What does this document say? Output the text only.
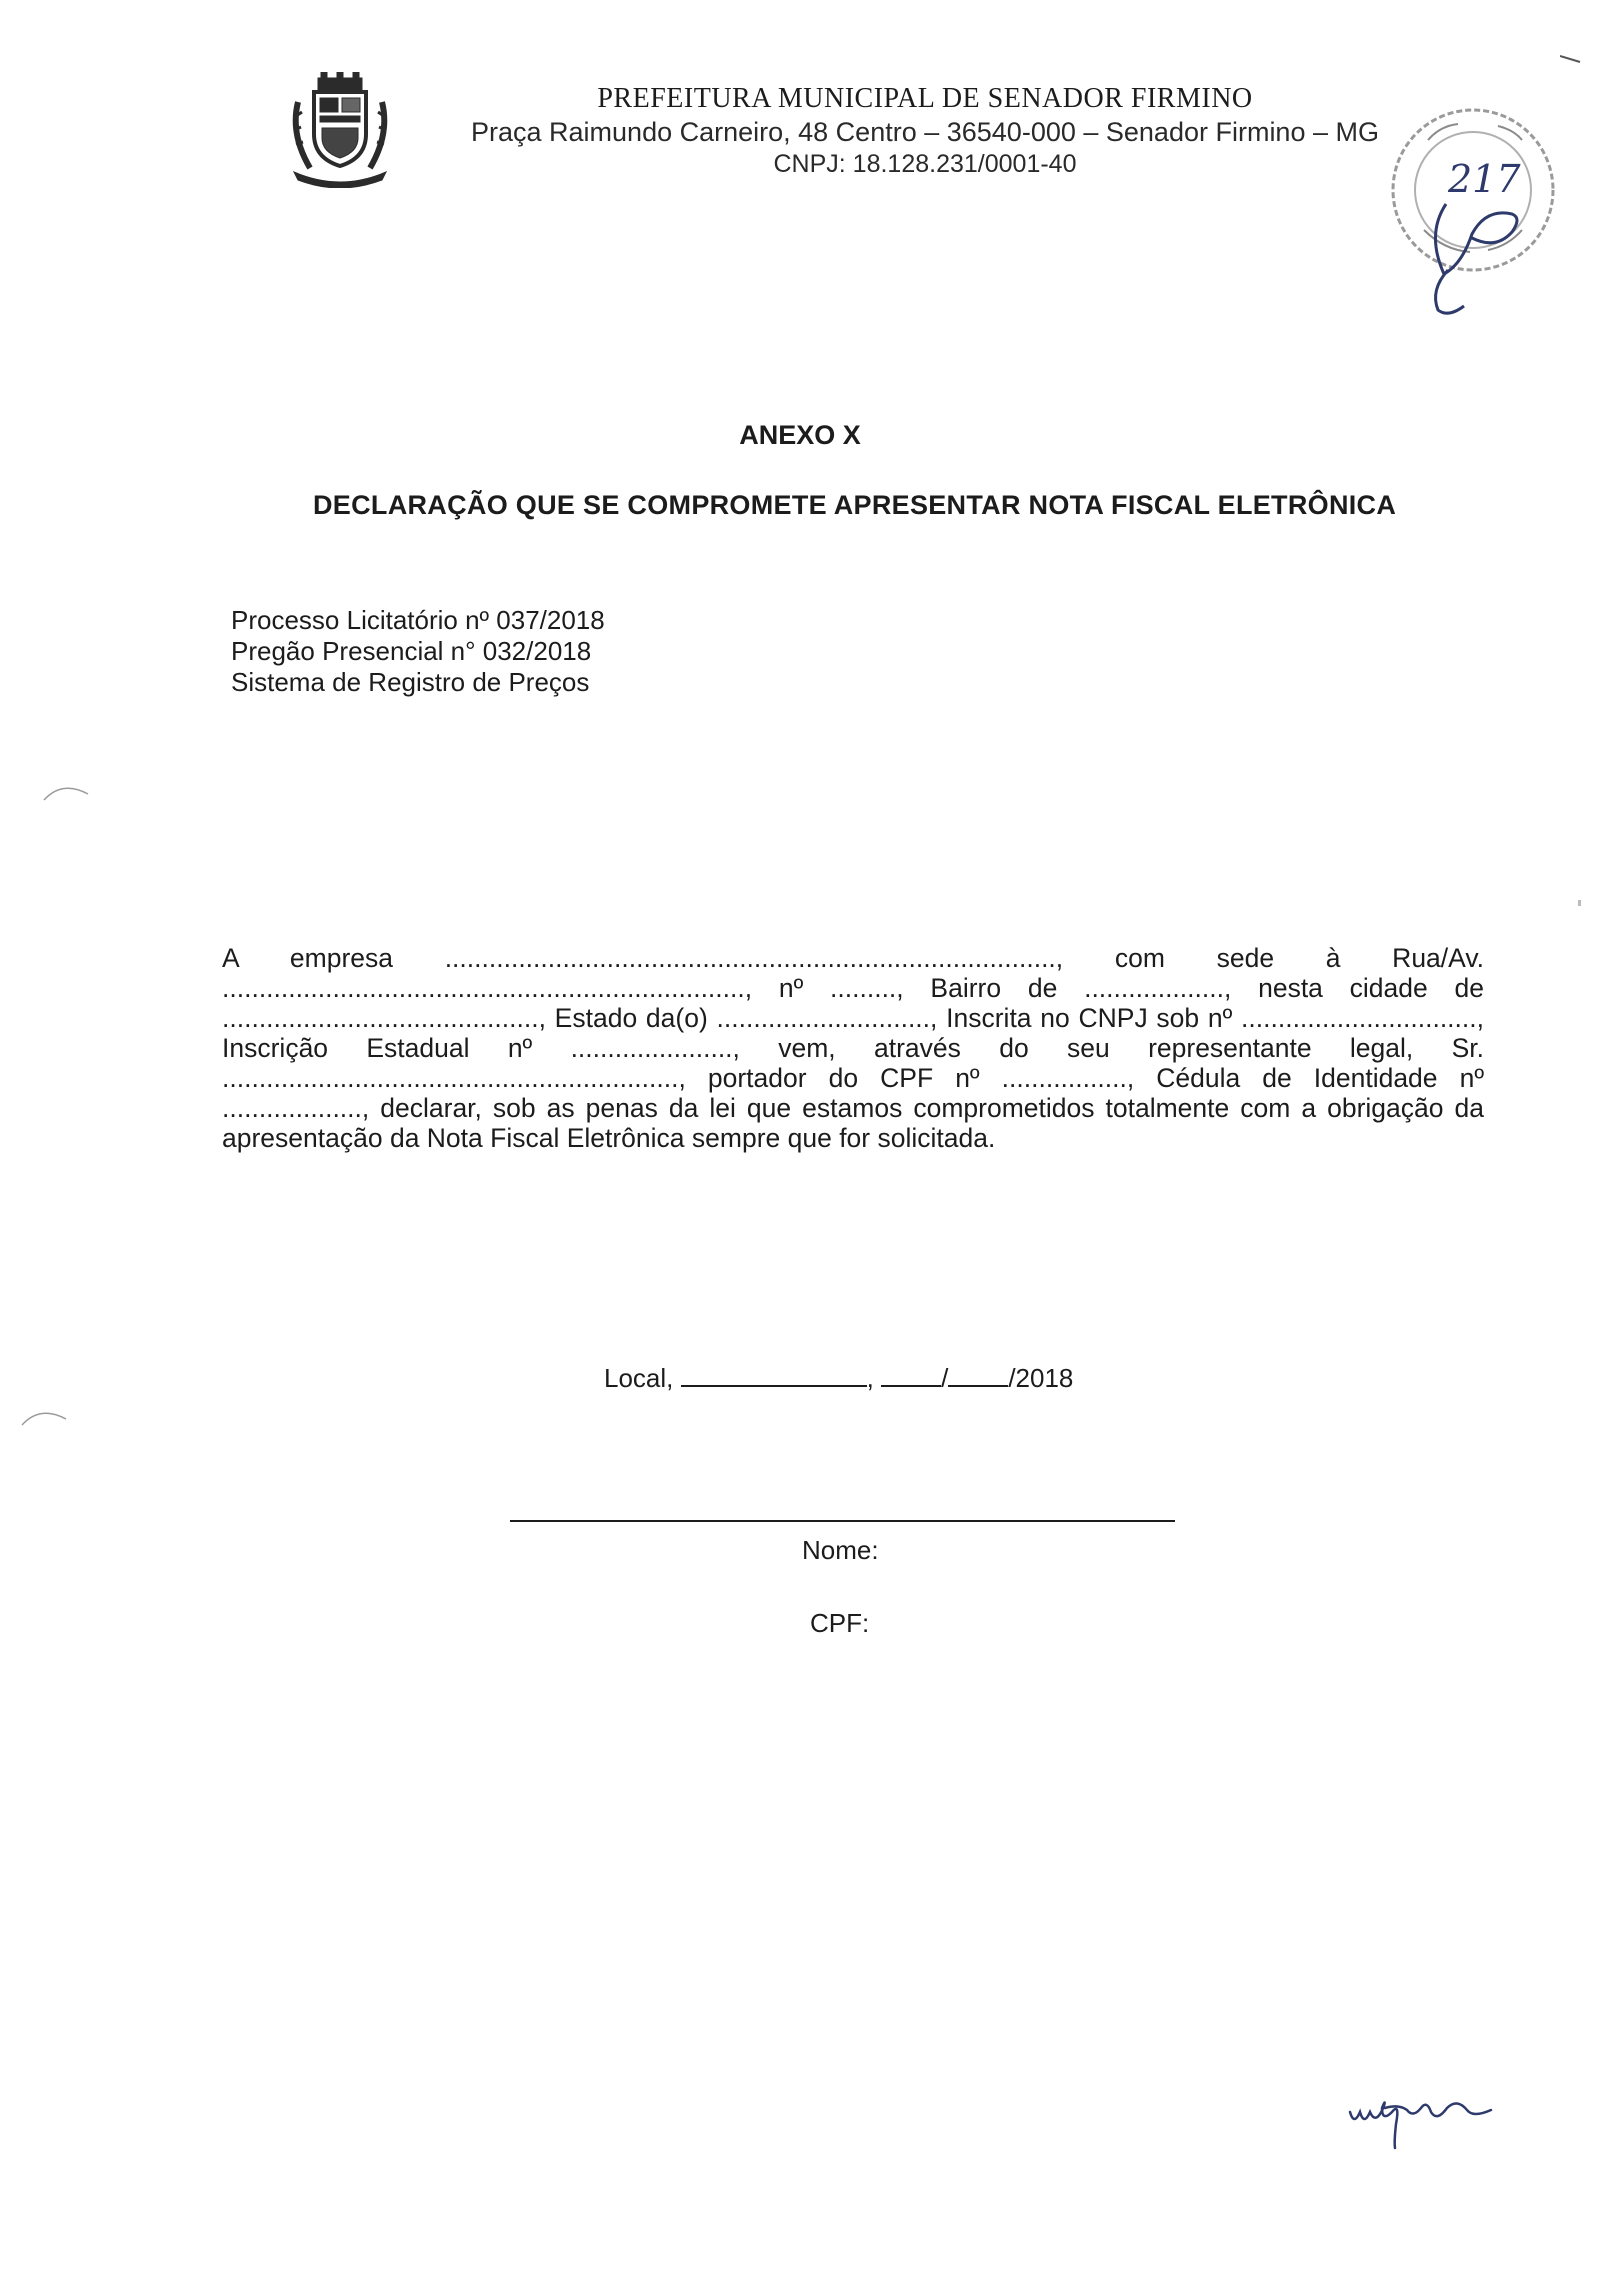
PREFEITURA MUNICIPAL DE SENADOR FIRMINO
Praça Raimundo Carneiro, 48 Centro – 36540-000 – Senador Firmino – MG
CNPJ: 18.128.231/0001-40	217
ANEXO X
DECLARAÇÃO QUE SE COMPROMETE APRESENTAR NOTA FISCAL ELETRÔNICA
Processo Licitatório nº 037/2018
Pregão Presencial n° 032/2018
Sistema de Registro de Preços
A empresa ..................................................................................., com sede à Rua/Av. ......................................................................., nº ........., Bairro de ..................., nesta cidade de ..........................................., Estado da(o) ............................., Inscrita no CNPJ sob nº ................................, Inscrição Estadual nº ......................, vem, através do seu representante legal, Sr. .............................................................., portador do CPF nº ................., Cédula de Identidade nº ..................., declarar, sob as penas da lei que estamos comprometidos totalmente com a obrigação da apresentação da Nota Fiscal Eletrônica sempre que for solicitada.
Local,	,	/ /2018
Nome:
CPF:
